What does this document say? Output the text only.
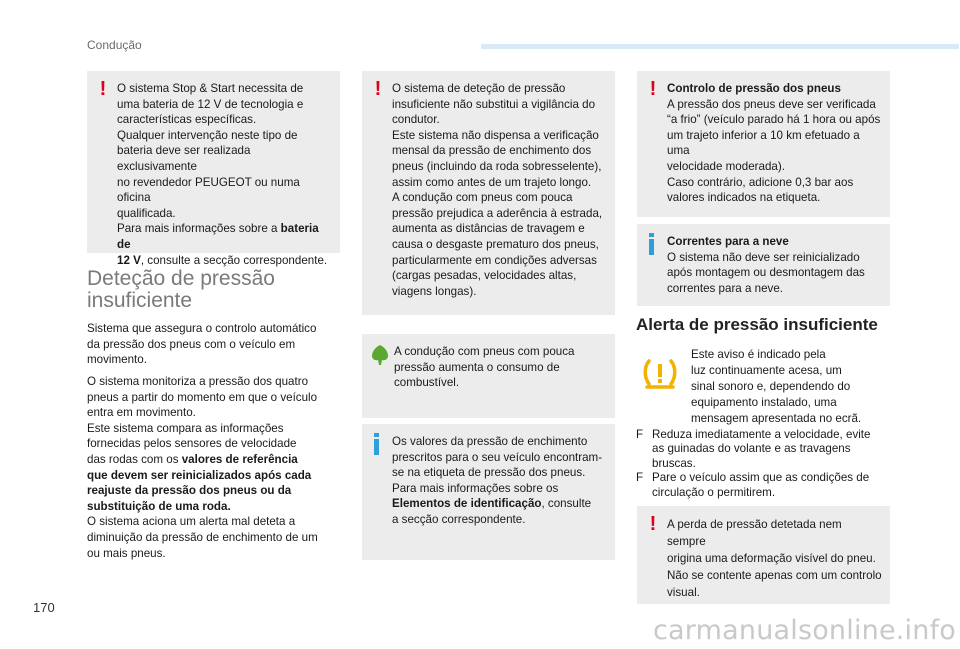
Condução
! O sistema Stop & Start necessita de

uma bateria de 12 V de tecnologia e

características específicas.

Qualquer intervenção neste tipo de

bateria deve ser realizada exclusivamente

no revendedor PEUGEOT ou numa oficina

qualificada.

Para mais informações sobre a bateria de

12 V, consulte a secção correspondente.

Deteção de pressão
insuficiente
Sistema que assegura o controlo automático
da pressão dos pneus com o veículo em
movimento.
O sistema monitoriza a pressão dos quatro
pneus a partir do momento em que o veículo
entra em movimento.
Este sistema compara as informações
fornecidas pelos sensores de velocidade
das rodas com os valores de referência
que devem ser reinicializados após cada
reajuste da pressão dos pneus ou da
substituição de uma roda.
O sistema aciona um alerta mal deteta a
diminuição da pressão de enchimento de um
ou mais pneus.
! O sistema de deteção de pressão

insuficiente não substitui a vigilância do

condutor.

Este sistema não dispensa a verificação

mensal da pressão de enchimento dos

pneus (incluindo da roda sobresselente),

assim como antes de um trajeto longo.

A condução com pneus com pouca

pressão prejudica a aderência à estrada,

aumenta as distâncias de travagem e

causa o desgaste prematuro dos pneus,

particularmente em condições adversas

(cargas pesadas, velocidades altas,

viagens longas).

A condução com pneus com pouca

pressão aumenta o consumo de

combustível.

Os valores da pressão de enchimento

prescritos para o seu veículo encontram-

se na etiqueta de pressão dos pneus.

Para mais informações sobre os

Elementos de identificação, consulte

a secção correspondente.

! Controlo de pressão dos pneus

A pressão dos pneus deve ser verificada

“a frio” (veículo parado há 1 hora ou após

um trajeto inferior a 10 km efetuado a uma

velocidade moderada).

Caso contrário, adicione 0,3 bar aos

valores indicados na etiqueta.

Correntes para a neve

O sistema não deve ser reinicializado

após montagem ou desmontagem das

correntes para a neve.

Alerta de pressão insuficiente
Este aviso é indicado pela
luz continuamente acesa, um
sinal sonoro e, dependendo do
equipamento instalado, uma
mensagem apresentada no ecrã.
F Reduza imediatamente a velocidade, evite
as guinadas do volante e as travagens
bruscas.
F Pare o veículo assim que as condições de
circulação o permitirem.
! A perda de pressão detetada nem sempre

origina uma deformação visível do pneu.

Não se contente apenas com um controlo

visual.

170
carmanualsonline.info
